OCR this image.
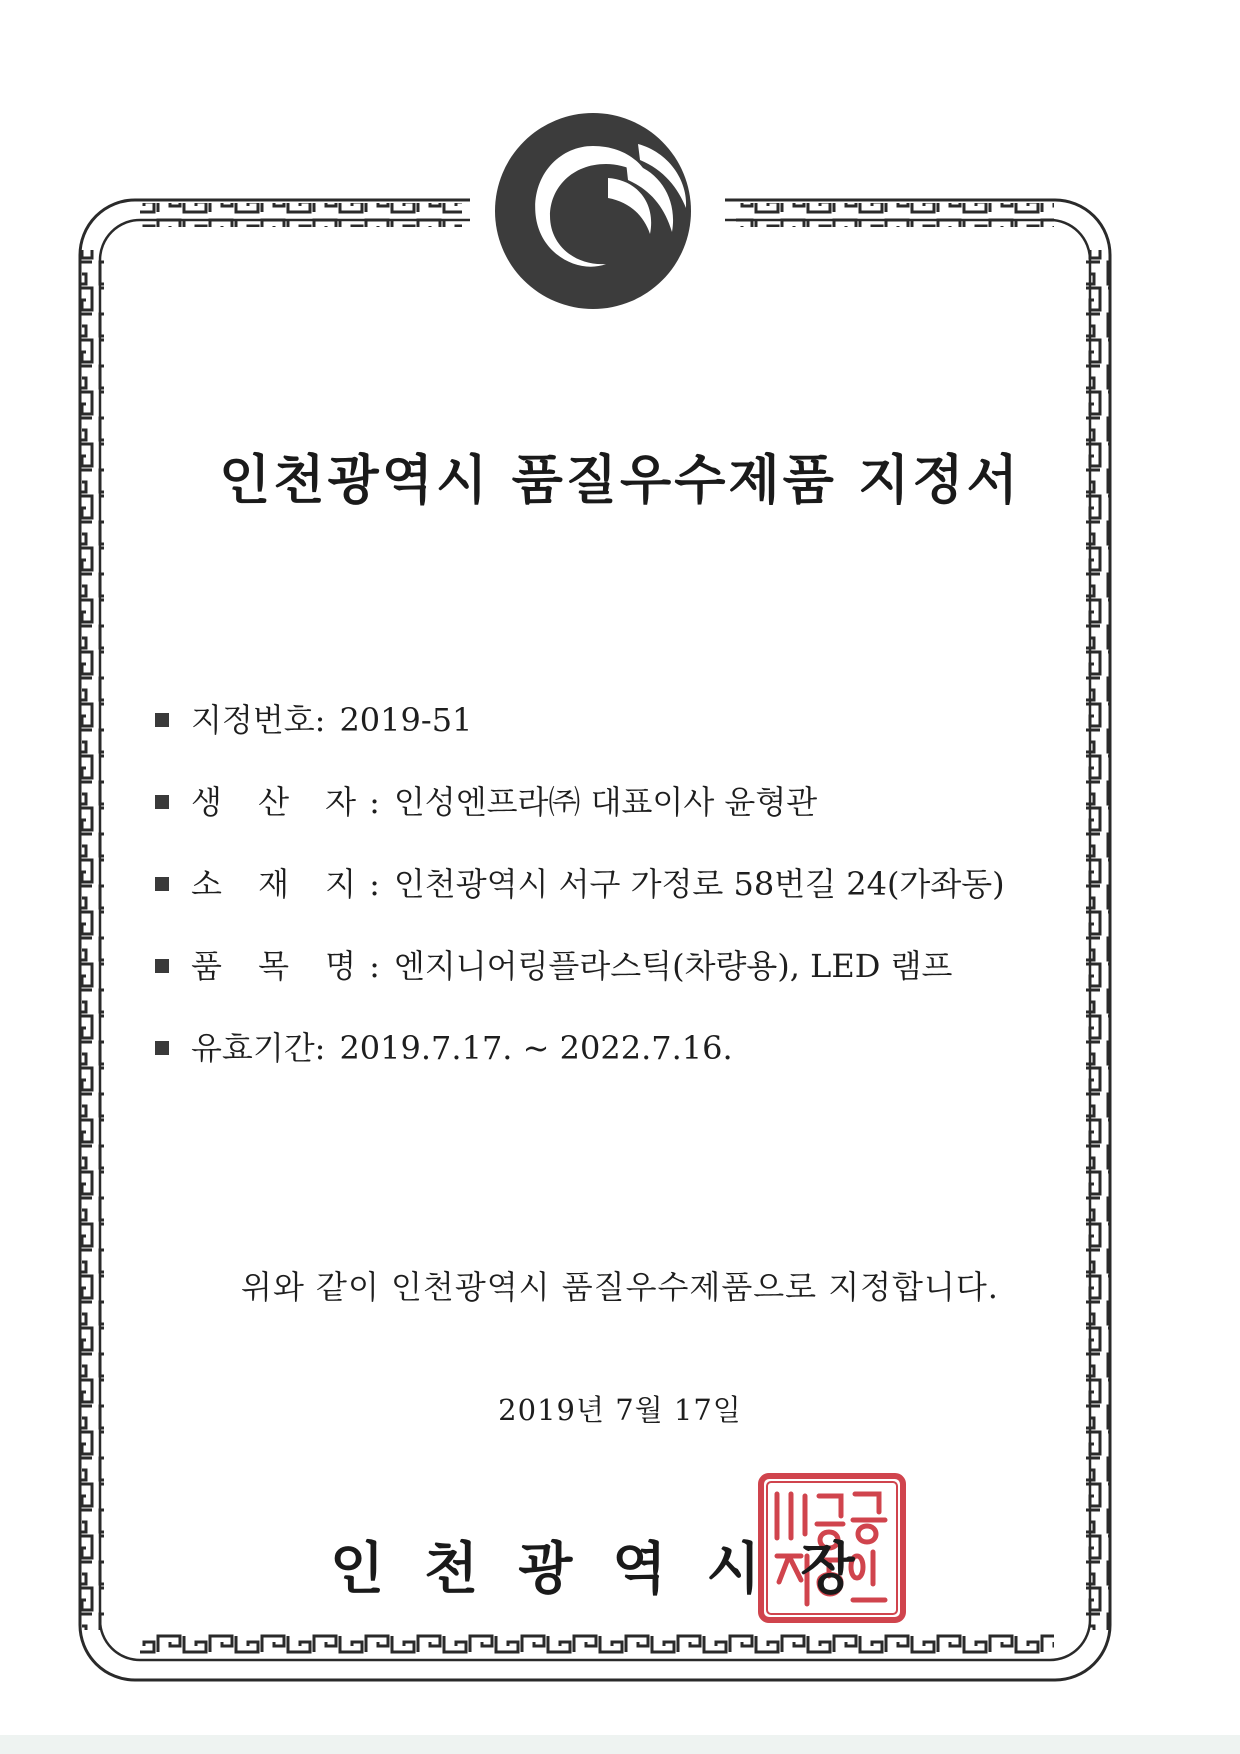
인천광역시 품질우수제품 지정서
지정번호 : 2019-51
생 산 자 : 인성엔프라㈜ 대표이사 윤형관
소 재 지 : 인천광역시 서구 가정로 58번길 24(가좌동)
품 목 명 : 엔지니어링플라스틱(차량용), LED 램프
유효기간 : 2019.7.17. ~ 2022.7.16.
위와 같이 인천광역시 품질우수제품으로 지정합니다.
2019년 7월 17일
인천광역시장
